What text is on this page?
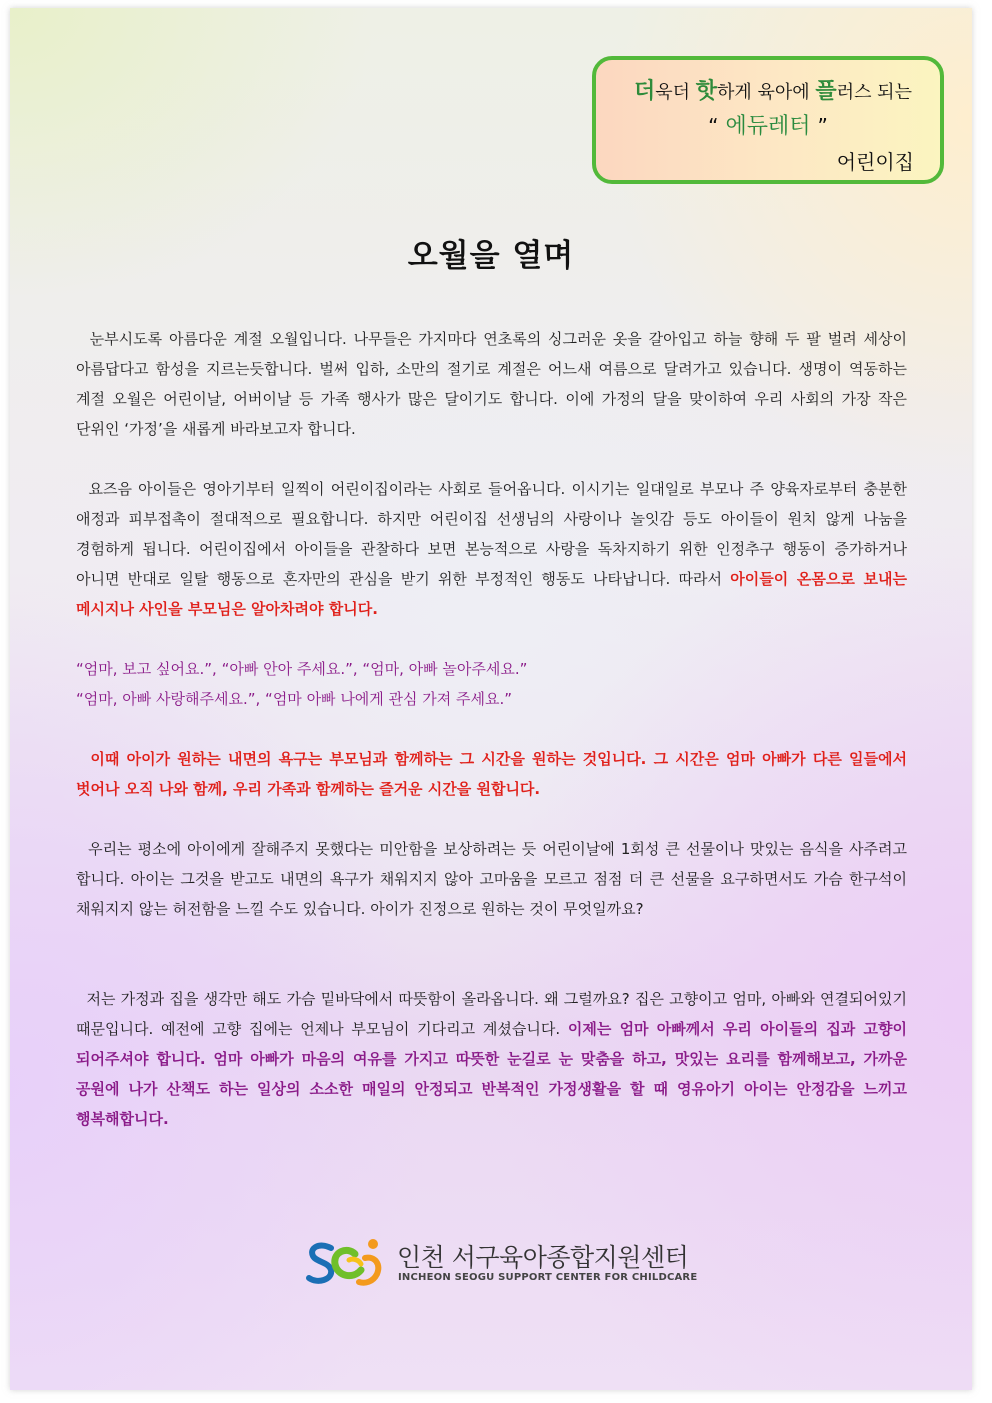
더욱더 핫하게 육아에 플러스 되는
“ 에듀레터 ”
어린이집
오월을 열며
눈부시도록 아름다운 계절 오월입니다. 나무들은 가지마다 연초록의 싱그러운 옷을 갈아입고 하늘 향해 두 팔 벌려 세상이 아름답다고 함성을 지르는듯합니다. 벌써 입하, 소만의 절기로 계절은 어느새 여름으로 달려가고 있습니다. 생명이 역동하는 계절 오월은 어린이날, 어버이날 등 가족 행사가 많은 달이기도 합니다. 이에 가정의 달을 맞이하여 우리 사회의 가장 작은 단위인 ‘가정’을 새롭게 바라보고자 합니다.
요즈음 아이들은 영아기부터 일찍이 어린이집이라는 사회로 들어옵니다. 이시기는 일대일로 부모나 주 양육자로부터 충분한 애정과 피부접촉이 절대적으로 필요합니다. 하지만 어린이집 선생님의 사랑이나 놀잇감 등도 아이들이 원치 않게 나눔을 경험하게 됩니다. 어린이집에서 아이들을 관찰하다 보면 본능적으로 사랑을 독차지하기 위한 인정추구 행동이 증가하거나 아니면 반대로 일탈 행동으로 혼자만의 관심을 받기 위한 부정적인 행동도 나타납니다. 따라서 아이들이 온몸으로 보내는 메시지나 사인을 부모님은 알아차려야 합니다.
“엄마, 보고 싶어요.”, “아빠 안아 주세요.”, “엄마, 아빠 놀아주세요.”
“엄마, 아빠 사랑해주세요.”, “엄마 아빠 나에게 관심 가져 주세요.”
이때 아이가 원하는 내면의 욕구는 부모님과 함께하는 그 시간을 원하는 것입니다. 그 시간은 엄마 아빠가 다른 일들에서 벗어나 오직 나와 함께, 우리 가족과 함께하는 즐거운 시간을 원합니다.
우리는 평소에 아이에게 잘해주지 못했다는 미안함을 보상하려는 듯 어린이날에 1회성 큰 선물이나 맛있는 음식을 사주려고 합니다. 아이는 그것을 받고도 내면의 욕구가 채워지지 않아 고마움을 모르고 점점 더 큰 선물을 요구하면서도 가슴 한구석이 채워지지 않는 허전함을 느낄 수도 있습니다. 아이가 진정으로 원하는 것이 무엇일까요?
저는 가정과 집을 생각만 해도 가슴 밑바닥에서 따뜻함이 올라옵니다. 왜 그럴까요? 집은 고향이고 엄마, 아빠와 연결되어있기 때문입니다. 예전에 고향 집에는 언제나 부모님이 기다리고 계셨습니다. 이제는 엄마 아빠께서 우리 아이들의 집과 고향이 되어주셔야 합니다. 엄마 아빠가 마음의 여유를 가지고 따뜻한 눈길로 눈 맞춤을 하고, 맛있는 요리를 함께해보고, 가까운 공원에 나가 산책도 하는 일상의 소소한 매일의 안정되고 반복적인 가정생활을 할 때 영유아기 아이는 안정감을 느끼고 행복해합니다.
인천 서구육아종합지원센터
INCHEON SEOGU SUPPORT CENTER FOR CHILDCARE
